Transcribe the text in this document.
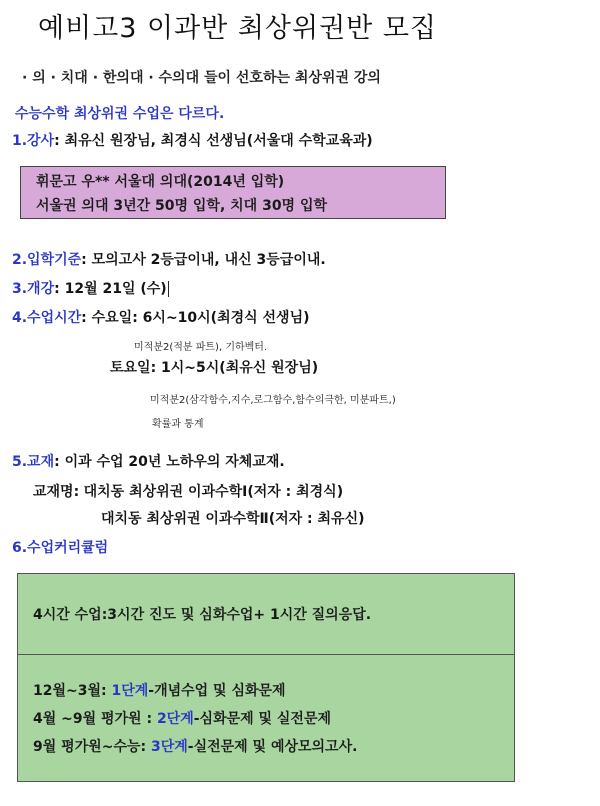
예비고3 이과반 최상위권반 모집
· 의 · 치대 · 한의대 · 수의대 들이 선호하는 최상위권 강의
수능수학 최상위권 수업은 다르다.
1.강사: 최유신 원장님, 최경식 선생님(서울대 수학교육과)
휘문고 우** 서울대 의대(2014년 입학)
서울권 의대 3년간 50명 입학, 치대 30명 입학
2.입학기준: 모의고사 2등급이내, 내신 3등급이내.
3.개강: 12월 21일 (수)
4.수업시간: 수요일: 6시~10시(최경식 선생님)
미적분2(적분 파트), 기하벡터.
토요일: 1시~5시(최유신 원장님)
미적분2(삼각함수,지수,로그함수,함수의극한, 미분파트,)
확률과 통계
5.교재: 이과 수업 20년 노하우의 자체교재.
교재명: 대치동 최상위권 이과수학Ⅰ(저자 : 최경식)
대치동 최상위권 이과수학Ⅱ(저자 : 최유신)
6.수업커리큘럼
4시간 수업:3시간 진도 및 심화수업+ 1시간 질의응답.
12월~3월: 1단계-개념수업 및 심화문제
4월 ~9월 평가원 : 2단계-심화문제 및 실전문제
9월 평가원~수능: 3단계-실전문제 및 예상모의고사.
